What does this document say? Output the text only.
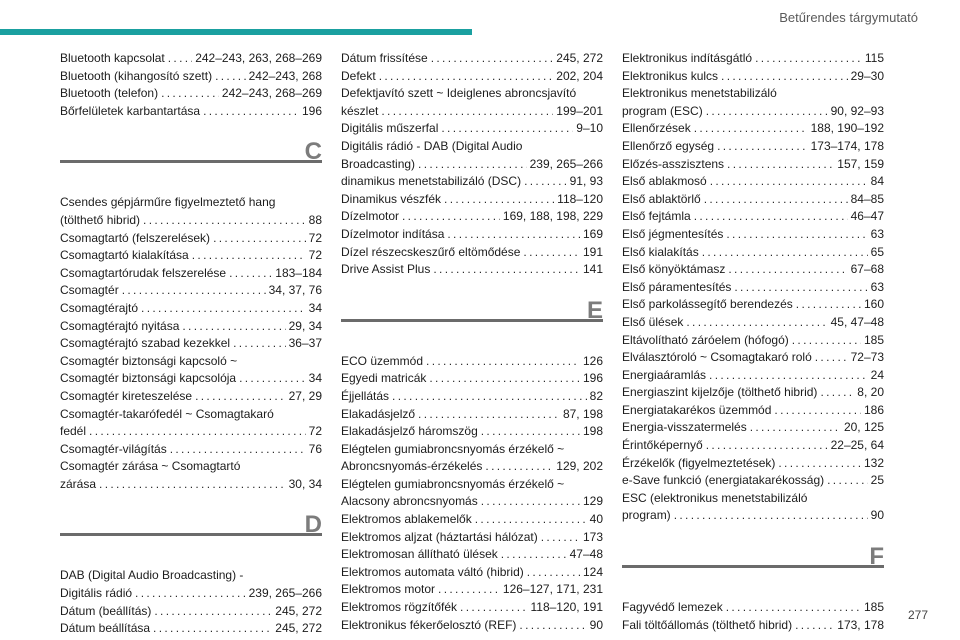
Betűrendes tárgymutató
Bluetooth kapcsolat . . .	242–243, 263, 268–269
Bluetooth (kihangosító szett) . . .	242–243, 268
Bluetooth (telefon) . . .	242–243, 268–269
Bőrfelületek karbantartása . . .	196
C
Csendes gépjárműre figyelmeztető hang
(tölthető hibrid) . . .	88
Csomagtartó (felszerelések) . . .	72
Csomagtartó kialakítása . . .	72
Csomagtartórudak felszerelése . . .	183–184
Csomagtér . . .	34, 37, 76
Csomagtérajtó . . .	34
Csomagtérajtó nyitása . . .	29, 34
Csomagtérajtó szabad kezekkel . . .	36–37
Csomagtér biztonsági kapcsoló ~
Csomagtér biztonsági kapcsolója . . .	34
Csomagtér kireteszelése . . .	27, 29
Csomagtér-takarófedél ~ Csomagtakaró
fedél . . .	72
Csomagtér-világítás . . .	76
Csomagtér zárása ~ Csomagtartó
zárása . . .	30, 34
D
DAB (Digital Audio Broadcasting) -
Digitális rádió . . .	239, 265–266
Dátum (beállítás) . . .	245, 272
Dátum beállítása . . .	245, 272
Dátum frissítése . . .	245, 272
Defekt . . .	202, 204
Defektjavító szett ~ Ideiglenes abroncsjavító
készlet . . .	199–201
Digitális műszerfal . . .	9–10
Digitális rádió - DAB (Digital Audio
Broadcasting) . . .	239, 265–266
dinamikus menetstabilizáló (DSC) . . .	91, 93
Dinamikus vészfék . . .	118–120
Dízelmotor . . .	169, 188, 198, 229
Dízelmotor indítása . . .	169
Dízel részecskeszűrő eltömődése . . .	191
Drive Assist Plus . . .	141
E
ECO üzemmód . . .	126
Egyedi matricák . . .	196
Éjjellátás . . .	82
Elakadásjelző . . .	87, 198
Elakadásjelző háromszög . . .	198
Elégtelen gumiabroncsnyomás érzékelő ~
Abroncsnyomás-érzékelés . . .	129, 202
Elégtelen gumiabroncsnyomás érzékelő ~
Alacsony abroncsnyomás . . .	129
Elektromos ablakemelők . . .	40
Elektromos aljzat (háztartási hálózat) . . .	173
Elektromosan állítható ülések . . .	47–48
Elektromos automata váltó (hibrid) . . .	124
Elektromos motor . . .	126–127, 171, 231
Elektromos rögzítőfék . . .	118–120, 191
Elektronikus fékerőelosztó (REF) . . .	90
Elektronikus indításgátló . . .	115
Elektronikus kulcs . . .	29–30
Elektronikus menetstabilizáló
program (ESC) . . .	90, 92–93
Ellenőrzések . . .	188, 190–192
Ellenőrző egység . . .	173–174, 178
Előzés-asszisztens . . .	157, 159
Első ablakmosó . . .	84
Első ablaktörlő . . .	84–85
Első fejtámla . . .	46–47
Első jégmentesítés . . .	63
Első kialakítás . . .	65
Első könyöktámasz . . .	67–68
Első páramentesítés . . .	63
Első parkolássegítő berendezés . . .	160
Első ülések . . .	45, 47–48
Eltávolítható záróelem (hófogó) . . .	185
Elválasztóroló ~ Csomagtakaró roló . . .	72–73
Energiaáramlás . . .	24
Energiaszint kijelzője (tölthető hibrid) . . .	8, 20
Energiatakarékos üzemmód . . .	186
Energia-visszatermelés . . .	20, 125
Érintőképernyő . . .	22–25, 64
Érzékelők (figyelmeztetések) . . .	132
e-Save funkció (energiatakarékosság) . . .	25
ESC (elektronikus menetstabilizáló
program) . . .	90
F
Fagyvédő lemezek . . .	185
Fali töltőállomás (tölthető hibrid) . . .	173, 178
277
